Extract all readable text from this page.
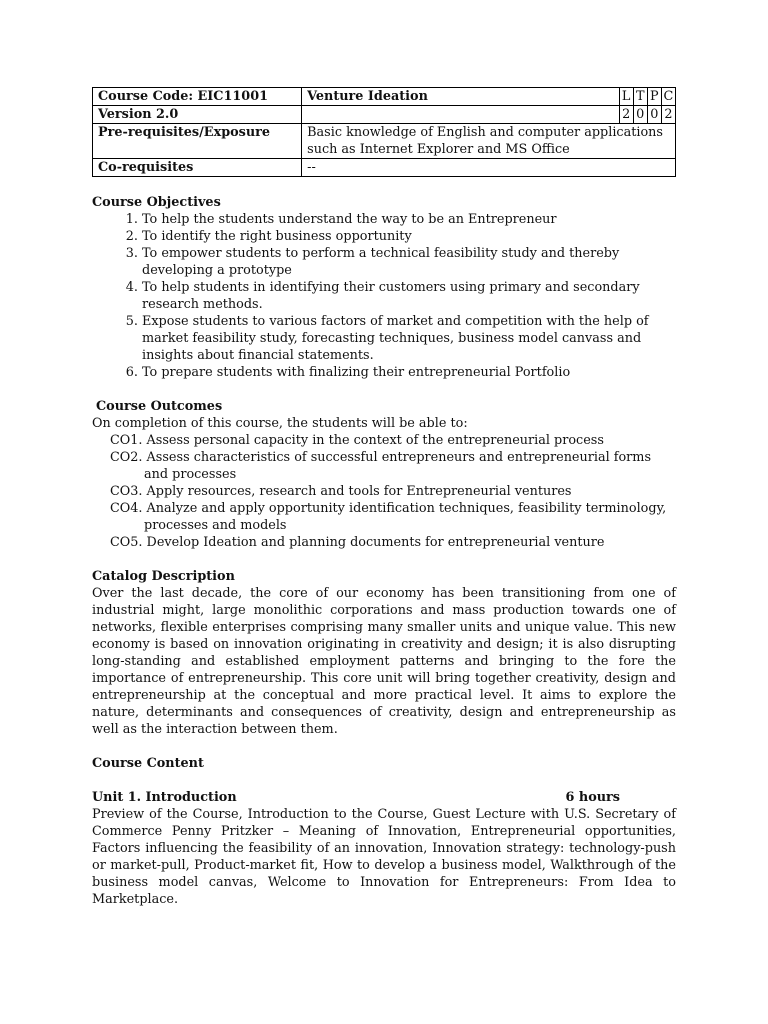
Course Code: EIC11001	Venture Ideation	L	T	P	C
Version 2.0		2	0	0	2
Pre-requisites/Exposure	Basic knowledge of English and computer applications such as Internet Explorer and MS Office				
Co-requisites	--				
Course Objectives
1. To help the students understand the way to be an Entrepreneur
2. To identify the right business opportunity
3. To empower students to perform a technical feasibility study and thereby developing a prototype
4. To help students in identifying their customers using primary and secondary research methods.
5. Expose students to various factors of market and competition with the help of market feasibility study, forecasting techniques, business model canvass and insights about financial statements.
6. To prepare students with finalizing their entrepreneurial Portfolio
Course Outcomes
On completion of this course, the students will be able to:
CO1. Assess personal capacity in the context of the entrepreneurial process
CO2. Assess characteristics of successful entrepreneurs and entrepreneurial forms and processes
CO3. Apply resources, research and tools for Entrepreneurial ventures
CO4. Analyze and apply opportunity identification techniques, feasibility terminology, processes and models
CO5. Develop Ideation and planning documents for entrepreneurial venture
Catalog Description

Over the last decade, the core of our economy has been transitioning from one of industrial might, large monolithic corporations and mass production towards one of networks, flexible enterprises comprising many smaller units and unique value. This new economy is based on innovation originating in creativity and design; it is also disrupting long-standing and established employment patterns and bringing to the fore the importance of entrepreneurship. This core unit will bring together creativity, design and entrepreneurship at the conceptual and more practical level. It aims to explore the nature, determinants and consequences of creativity, design and entrepreneurship as well as the interaction between them.

Course Content
Unit 1. Introduction	6 hours

Preview of the Course, Introduction to the Course, Guest Lecture with U.S. Secretary of Commerce Penny Pritzker – Meaning of Innovation, Entrepreneurial opportunities, Factors influencing the feasibility of an innovation, Innovation strategy: technology-push or market-pull, Product-market fit, How to develop a business model, Walkthrough of the business model canvas, Welcome to Innovation for Entrepreneurs: From Idea to Marketplace.
